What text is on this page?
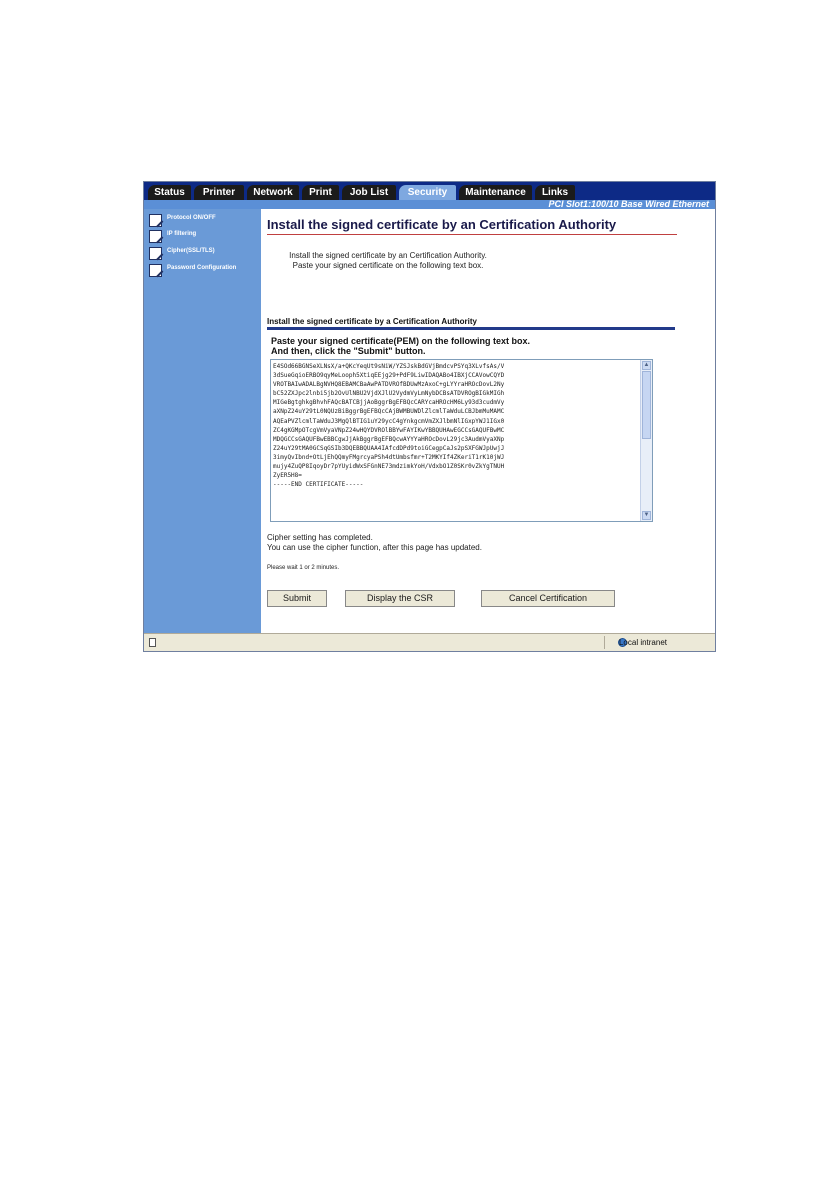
Status	Printer	Network	Print	Job List	Security	Maintenance	Links
PCI Slot1:100/10 Base Wired Ethernet
Protocol ON/OFF
IP filtering
Cipher(SSL/TLS)
Password Configuration
Install the signed certificate by an Certification Authority
Install the signed certificate by an Certification Authority.
Paste your signed certificate on the following text box.
Install the signed certificate by a Certification Authority
Paste your signed certificate(PEM) on the following text box.
And then, click the "Submit" button.
E4SOd66BGNSeXLNsX/a+QKcYeqUt9sNiW/YZSJskBdGVjBmdcvPSYq3XLvfsAs/V
3dSueGqioERBO9qyMeLooph5XtiqEEjg29+PdF9LiwIDAQABo4IBXjCCAVowCQYD
VROTBAIwADALBgNVHQ8EBAMCBaAwPATDVROfBDUwMzAxoC+gLYYraHROcDovL2Ny
bC52ZXJpc2lnbi5jb2OvUlNBU2VjdXJlU2VydmVyLmNybDCBsATDVROgBIGkMIGh
MIGeBgtghkgBhvhFAQcBATCBjjAoBggrBgEFBQcCARYcaHROcHM6Ly93d3cudmVy
aXNpZ24uY29tL0NQUzBiBggrBgEFBQcCAjBWMBUWDlZlcmlTaWduLCBJbmMuMAMC
AQEaPVZlcmlTaWduJ3MgQlBTIG1uY29ycC4gYnkgcmVmZXJlbmNlIGxpYWJ1IGx0
ZC4gKGMpOTcgVmVyaVNpZ24wHQYDVROlBBYwFAYIKwYBBQUHAwEGCCsGAQUFBwMC
MDQGCCsGAQUFBwEBBCgwJjAkBggrBgEFBQcwAYYYaHROcDovL29jc3AudmVyaXNp
Z24uY29tMA0GCSqGSIb3DQEBBQUAA4IAfcdDPd9toiGCegpCaJs2pSXFGWJpUwjJ
3imyQvIbnd+OtLjEhQQmyFMgrcyaPSh4dtUmbsfmr+T2MKYIf4ZKeriT1rK10jWJ
mujy4ZuQP8IqoyDr7pYUyidWxSFGnNE73mdzimkYoH/VdxbO1Z0SKr0vZkYgTNUH
ZyER5H8=
-----END CERTIFICATE-----
▲
▼
Cipher setting has completed.
You can use the cipher function, after this page has updated.
Please wait 1 or 2 minutes.
Submit	Display the CSR	Cancel Certification
Local intranet
